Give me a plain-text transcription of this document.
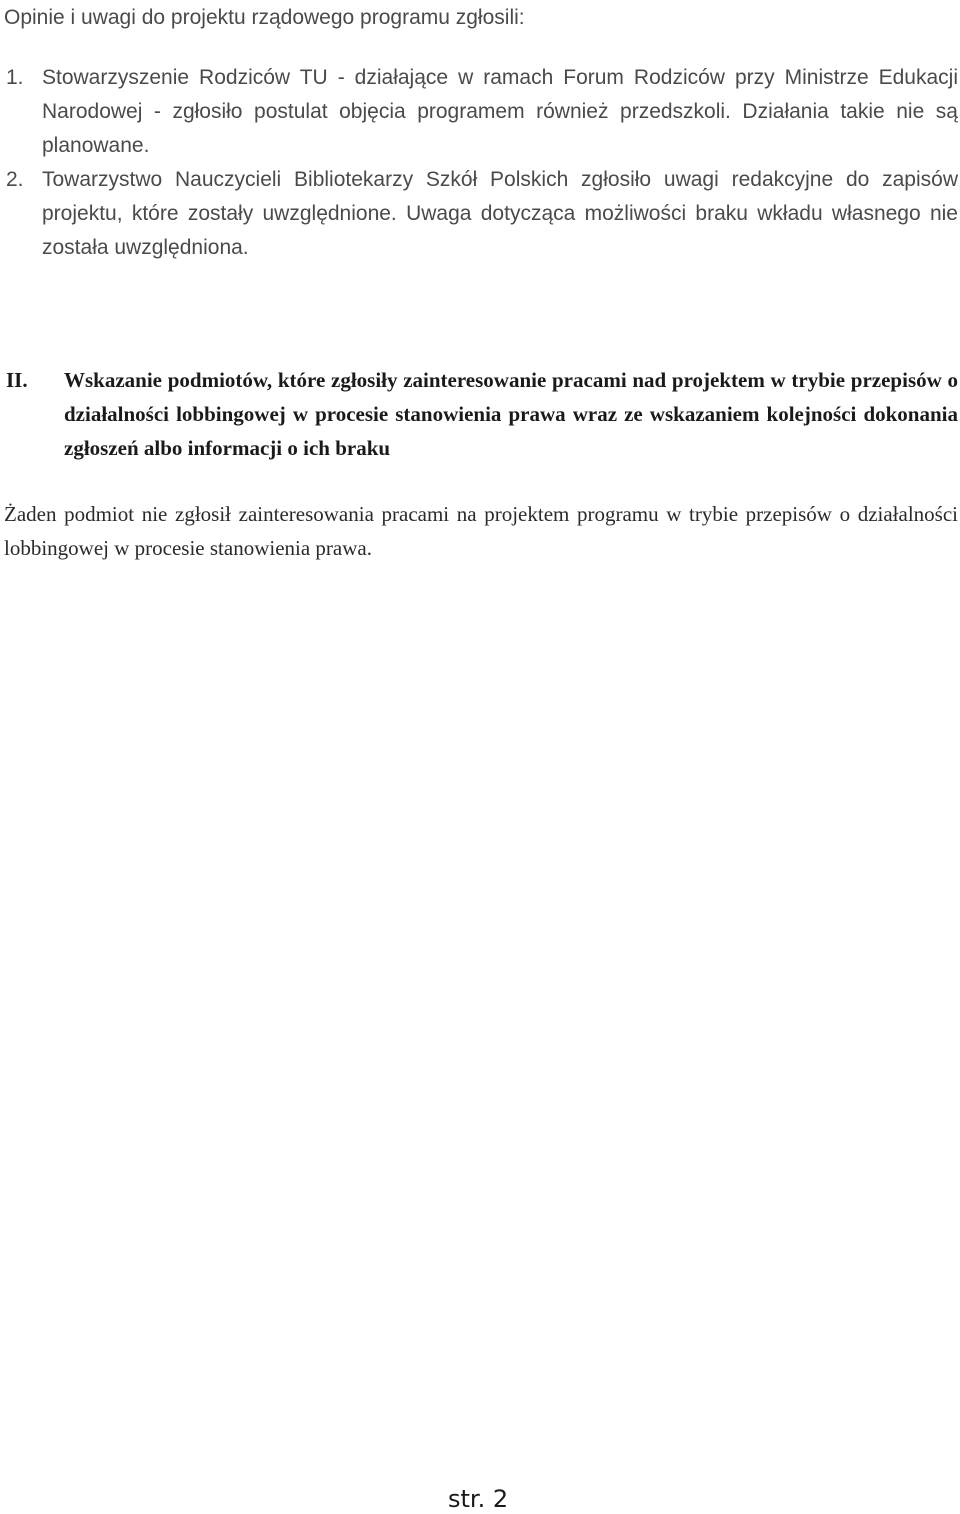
Opinie i uwagi do projektu rządowego programu zgłosili:

1. Stowarzyszenie Rodziców TU - działające w ramach Forum Rodziców przy Ministrze Edukacji Narodowej - zgłosiło postulat objęcia programem również przedszkoli. Działania takie nie są planowane.

2. Towarzystwo Nauczycieli Bibliotekarzy Szkół Polskich zgłosiło uwagi redakcyjne do zapisów projektu, które zostały uwzględnione. Uwaga dotycząca możliwości braku wkładu własnego nie została uwzględniona.

II. Wskazanie podmiotów, które zgłosiły zainteresowanie pracami nad projektem w trybie przepisów o działalności lobbingowej w procesie stanowienia prawa wraz ze wskazaniem kolejności dokonania zgłoszeń albo informacji o ich braku

Żaden podmiot nie zgłosił zainteresowania pracami na projektem programu w trybie przepisów o działalności lobbingowej w procesie stanowienia prawa.

str. 2
